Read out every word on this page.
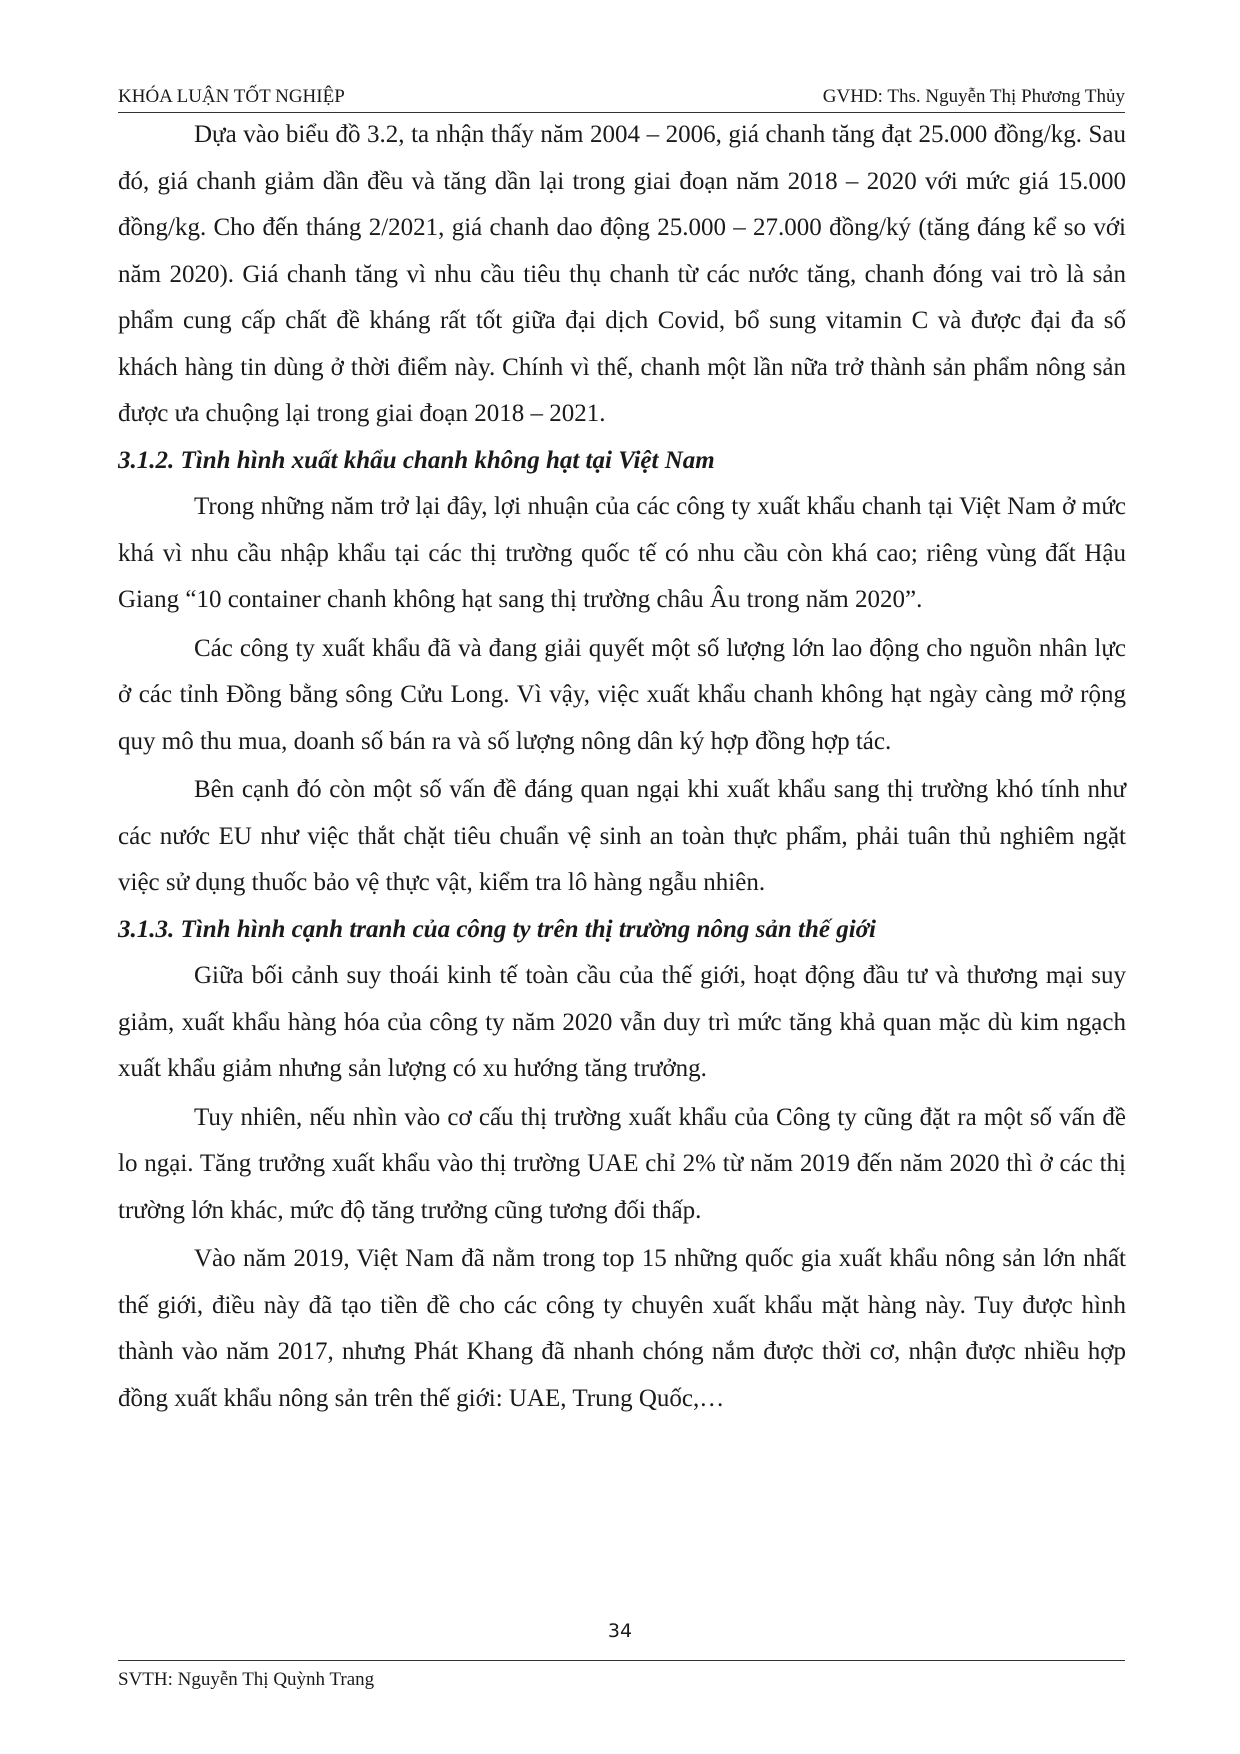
KHÓA LUẬN TỐT NGHIỆP	GVHD: Ths. Nguyễn Thị Phương Thủy

Dựa vào biểu đồ 3.2, ta nhận thấy năm 2004 – 2006, giá chanh tăng đạt 25.000 đồng/kg. Sau đó, giá chanh giảm dần đều và tăng dần lại trong giai đoạn năm 2018 – 2020 với mức giá 15.000 đồng/kg. Cho đến tháng 2/2021, giá chanh dao động 25.000 – 27.000 đồng/ký (tăng đáng kể so với năm 2020). Giá chanh tăng vì nhu cầu tiêu thụ chanh từ các nước tăng, chanh đóng vai trò là sản phẩm cung cấp chất đề kháng rất tốt giữa đại dịch Covid, bổ sung vitamin C và được đại đa số khách hàng tin dùng ở thời điểm này. Chính vì thế, chanh một lần nữa trở thành sản phẩm nông sản được ưa chuộng lại trong giai đoạn 2018 – 2021.

3.1.2. Tình hình xuất khẩu chanh không hạt tại Việt Nam

Trong những năm trở lại đây, lợi nhuận của các công ty xuất khẩu chanh tại Việt Nam ở mức khá vì nhu cầu nhập khẩu tại các thị trường quốc tế có nhu cầu còn khá cao; riêng vùng đất Hậu Giang “10 container chanh không hạt sang thị trường châu Âu trong năm 2020”.

Các công ty xuất khẩu đã và đang giải quyết một số lượng lớn lao động cho nguồn nhân lực ở các tỉnh Đồng bằng sông Cửu Long. Vì vậy, việc xuất khẩu chanh không hạt ngày càng mở rộng quy mô thu mua, doanh số bán ra và số lượng nông dân ký hợp đồng hợp tác.

Bên cạnh đó còn một số vấn đề đáng quan ngại khi xuất khẩu sang thị trường khó tính như các nước EU như việc thắt chặt tiêu chuẩn vệ sinh an toàn thực phẩm, phải tuân thủ nghiêm ngặt việc sử dụng thuốc bảo vệ thực vật, kiểm tra lô hàng ngẫu nhiên.

3.1.3. Tình hình cạnh tranh của công ty trên thị trường nông sản thế giới

Giữa bối cảnh suy thoái kinh tế toàn cầu của thế giới, hoạt động đầu tư và thương mại suy giảm, xuất khẩu hàng hóa của công ty năm 2020 vẫn duy trì mức tăng khả quan mặc dù kim ngạch xuất khẩu giảm nhưng sản lượng có xu hướng tăng trưởng.

Tuy nhiên, nếu nhìn vào cơ cấu thị trường xuất khẩu của Công ty cũng đặt ra một số vấn đề lo ngại. Tăng trưởng xuất khẩu vào thị trường UAE chỉ 2% từ năm 2019 đến năm 2020 thì ở các thị trường lớn khác, mức độ tăng trưởng cũng tương đối thấp.

Vào năm 2019, Việt Nam đã nằm trong top 15 những quốc gia xuất khẩu nông sản lớn nhất thế giới, điều này đã tạo tiền đề cho các công ty chuyên xuất khẩu mặt hàng này. Tuy được hình thành vào năm 2017, nhưng Phát Khang đã nhanh chóng nắm được thời cơ, nhận được nhiều hợp đồng xuất khẩu nông sản trên thế giới: UAE, Trung Quốc,…

34
SVTH: Nguyễn Thị Quỳnh Trang
